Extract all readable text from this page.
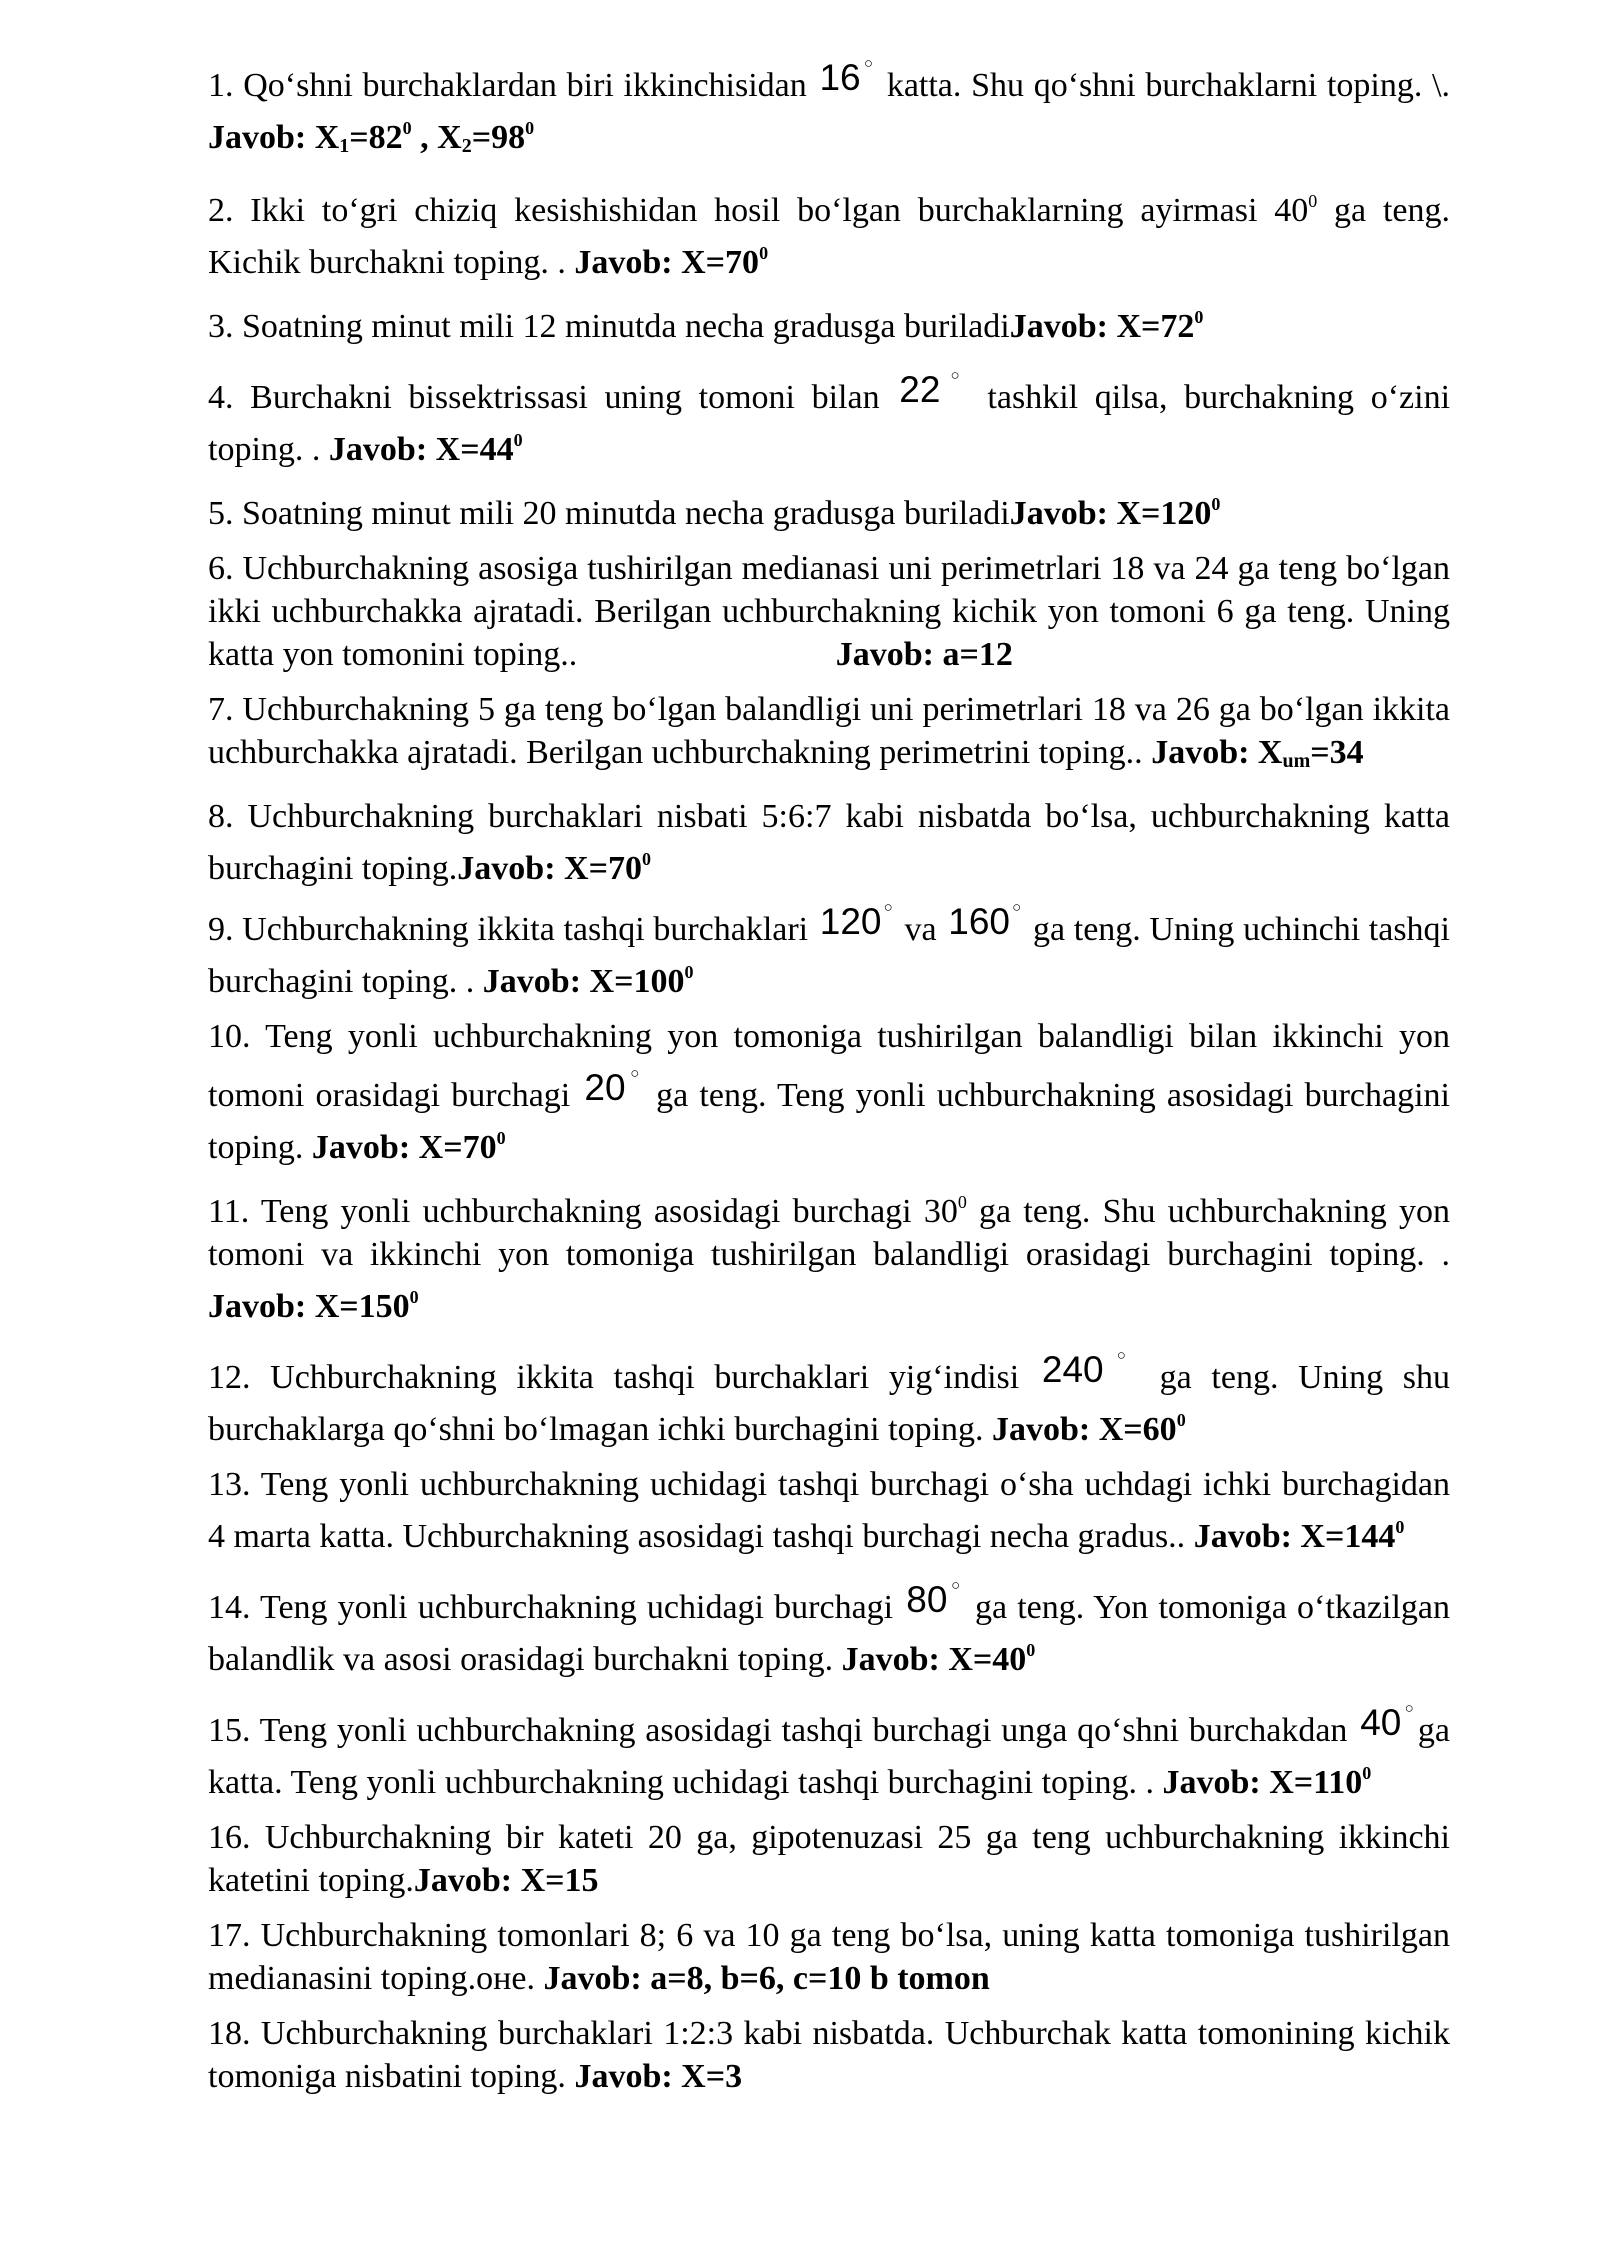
1. Qo‘shni burchaklardan biri ikkinchisidan 16 ○ katta. Shu qo‘shni burchaklarni toping. \. Javob: $X_1=82^0$ , $X_2=98^0$

2. Ikki to‘gri chiziq kesishishidan hosil bo‘lgan burchaklarning ayirmasi $40^0$ ga teng. Kichik burchakni toping. . Javob: $X=70^0$

3. Soatning minut mili 12 minutda necha gradusga buriladiJavob: $X=72^0$

4. Burchakni bissektrissasi uning tomoni bilan 22 ○ tashkil qilsa, burchakning o‘zini toping. . Javob: $X=44^0$

5. Soatning minut mili 20 minutda necha gradusga buriladiJavob: $X=120^0$

6. Uchburchakning asosiga tushirilgan medianasi uni perimetrlari 18 va 24 ga teng bo‘lgan ikki uchburchakka ajratadi. Berilgan uchburchakning kichik yon tomoni 6 ga teng. Uning katta yon tomonini toping..	Javob: a=12

7. Uchburchakning 5 ga teng bo‘lgan balandligi uni perimetrlari 18 va 26 ga bo‘lgan ikkita uchburchakka ajratadi. Berilgan uchburchakning perimetrini toping.. Javob: $X_{um}=34$

8. Uchburchakning burchaklari nisbati 5:6:7 kabi nisbatda bo‘lsa, uchburchakning katta burchagini toping.Javob: $X=70^0$

9. Uchburchakning ikkita tashqi burchaklari 120 ○ va 160 ○ ga teng. Uning uchinchi tashqi burchagini toping. . Javob: $X=100^0$

10. Teng yonli uchburchakning yon tomoniga tushirilgan balandligi bilan ikkinchi yon tomoni orasidagi burchagi 20 ○ ga teng. Teng yonli uchburchakning asosidagi burchagini toping. Javob: $X=70^0$

11. Teng yonli uchburchakning asosidagi burchagi $30^0$ ga teng. Shu uchburchakning yon tomoni va ikkinchi yon tomoniga tushirilgan balandligi orasidagi burchagini toping. . Javob: $X=150^0$

12. Uchburchakning ikkita tashqi burchaklari yig‘indisi 240 ○ ga teng. Uning shu burchaklarga qo‘shni bo‘lmagan ichki burchagini toping. Javob: $X=60^0$

13. Teng yonli uchburchakning uchidagi tashqi burchagi o‘sha uchdagi ichki burchagidan 4 marta katta. Uchburchakning asosidagi tashqi burchagi necha gradus.. Javob: $X=144^0$

14. Teng yonli uchburchakning uchidagi burchagi 80 ○ ga teng. Yon tomoniga o‘tkazilgan balandlik va asosi orasidagi burchakni toping. Javob: $X=40^0$

15. Teng yonli uchburchakning asosidagi tashqi burchagi unga qo‘shni burchakdan 40 ○ga katta. Teng yonli uchburchakning uchidagi tashqi burchagini toping. . Javob: $X=110^0$

16. Uchburchakning bir kateti 20 ga, gipotenuzasi 25 ga teng uchburchakning ikkinchi katetini toping.Javob: X=15

17. Uchburchakning tomonlari 8; 6 va 10 ga teng bo‘lsa, uning katta tomoniga tushirilgan medianasini toping.оне. Javob: a=8, b=6, c=10 b tomon

18. Uchburchakning burchaklari 1:2:3 kabi nisbatda. Uchburchak katta tomonining kichik tomoniga nisbatini toping. Javob: X=3
